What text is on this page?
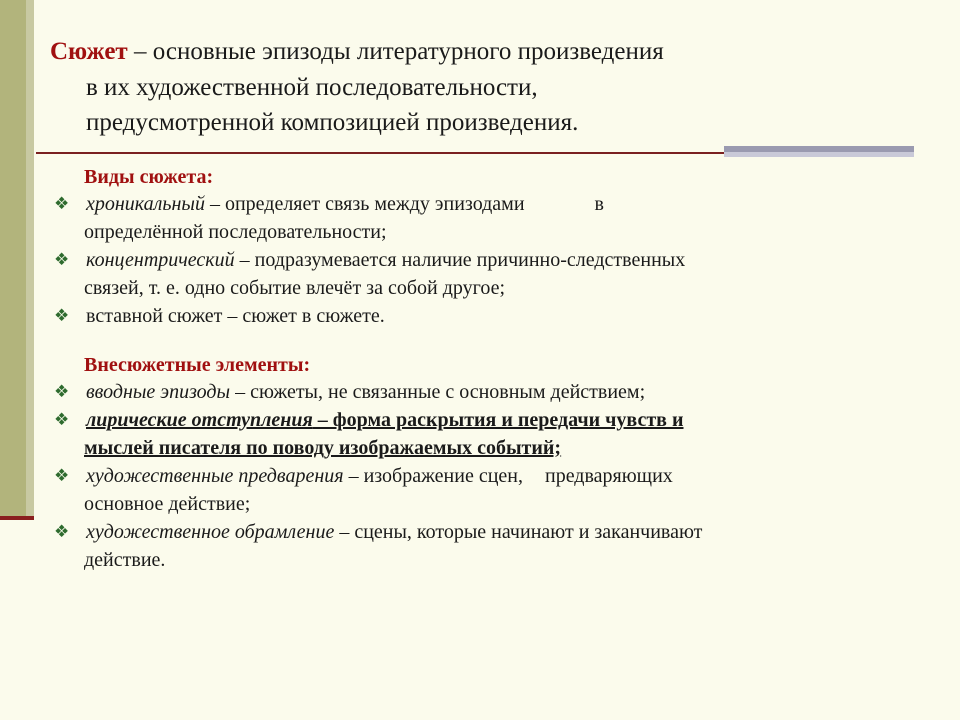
Сюжет – основные эпизоды литературного произведения
в их художественной последовательности,
предусмотренной композицией произведения.
Виды сюжета:
❖ хроникальный – определяет связь между эпизодами	в
определённой последовательности;
❖ концентрический – подразумевается наличие причинно-следственных
связей, т. е. одно событие влечёт за собой другое;
❖ вставной сюжет – сюжет в сюжете.
Внесюжетные элементы:
❖ вводные эпизоды – сюжеты, не связанные с основным действием;
❖ лирические отступления – форма раскрытия и передачи чувств и
мыслей писателя по поводу изображаемых событий;
❖ художественные предварения – изображение сцен, предваряющих
основное действие;
❖ художественное обрамление – сцены, которые начинают и заканчивают
действие.
